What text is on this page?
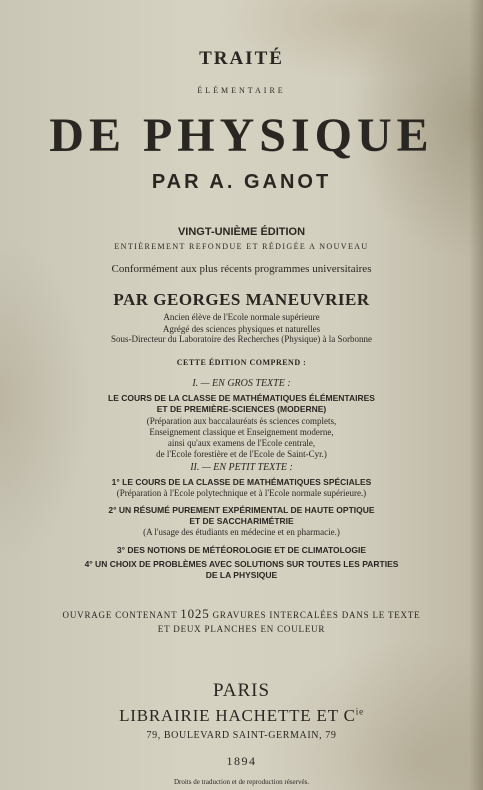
TRAITÉ
ÉLÉMENTAIRE
DE PHYSIQUE
PAR A. GANOT
VINGT-UNIÈME ÉDITION
ENTIÈREMENT REFONDUE ET RÉDIGÉE A NOUVEAU
Conformément aux plus récents programmes universitaires
PAR GEORGES MANEUVRIER
Ancien élève de l'Ecole normale supérieure
Agrégé des sciences physiques et naturelles
Sous-Directeur du Laboratoire des Recherches (Physique) à la Sorbonne
CETTE ÉDITION COMPREND :
I. — EN GROS TEXTE :
LE COURS DE LA CLASSE DE MATHÉMATIQUES ÉLÉMENTAIRES
ET DE PREMIÈRE-SCIENCES (MODERNE)
(Préparation aux baccalauréats ès sciences complets,
Enseignement classique et Enseignement moderne,
ainsi qu'aux examens de l'Ecole centrale,
de l'Ecole forestière et de l'Ecole de Saint-Cyr.)
II. — EN PETIT TEXTE :
1° LE COURS DE LA CLASSE DE MATHÉMATIQUES SPÉCIALES
(Préparation à l'Ecole polytechnique et à l'Ecole normale supérieure.)
2° UN RÉSUMÉ PUREMENT EXPÉRIMENTAL DE HAUTE OPTIQUE
ET DE SACCHARIMÉTRIE
(A l'usage des étudiants en médecine et en pharmacie.)
3° DES NOTIONS DE MÉTÉOROLOGIE ET DE CLIMATOLOGIE
4° UN CHOIX DE PROBLÈMES AVEC SOLUTIONS SUR TOUTES LES PARTIES
DE LA PHYSIQUE
OUVRAGE CONTENANT 1025 GRAVURES INTERCALÉES DANS LE TEXTE
ET DEUX PLANCHES EN COULEUR
PARIS
LIBRAIRIE HACHETTE ET $C^{ie}$
79, BOULEVARD SAINT-GERMAIN, 79
1894
Droits de traduction et de reproduction réservés.
